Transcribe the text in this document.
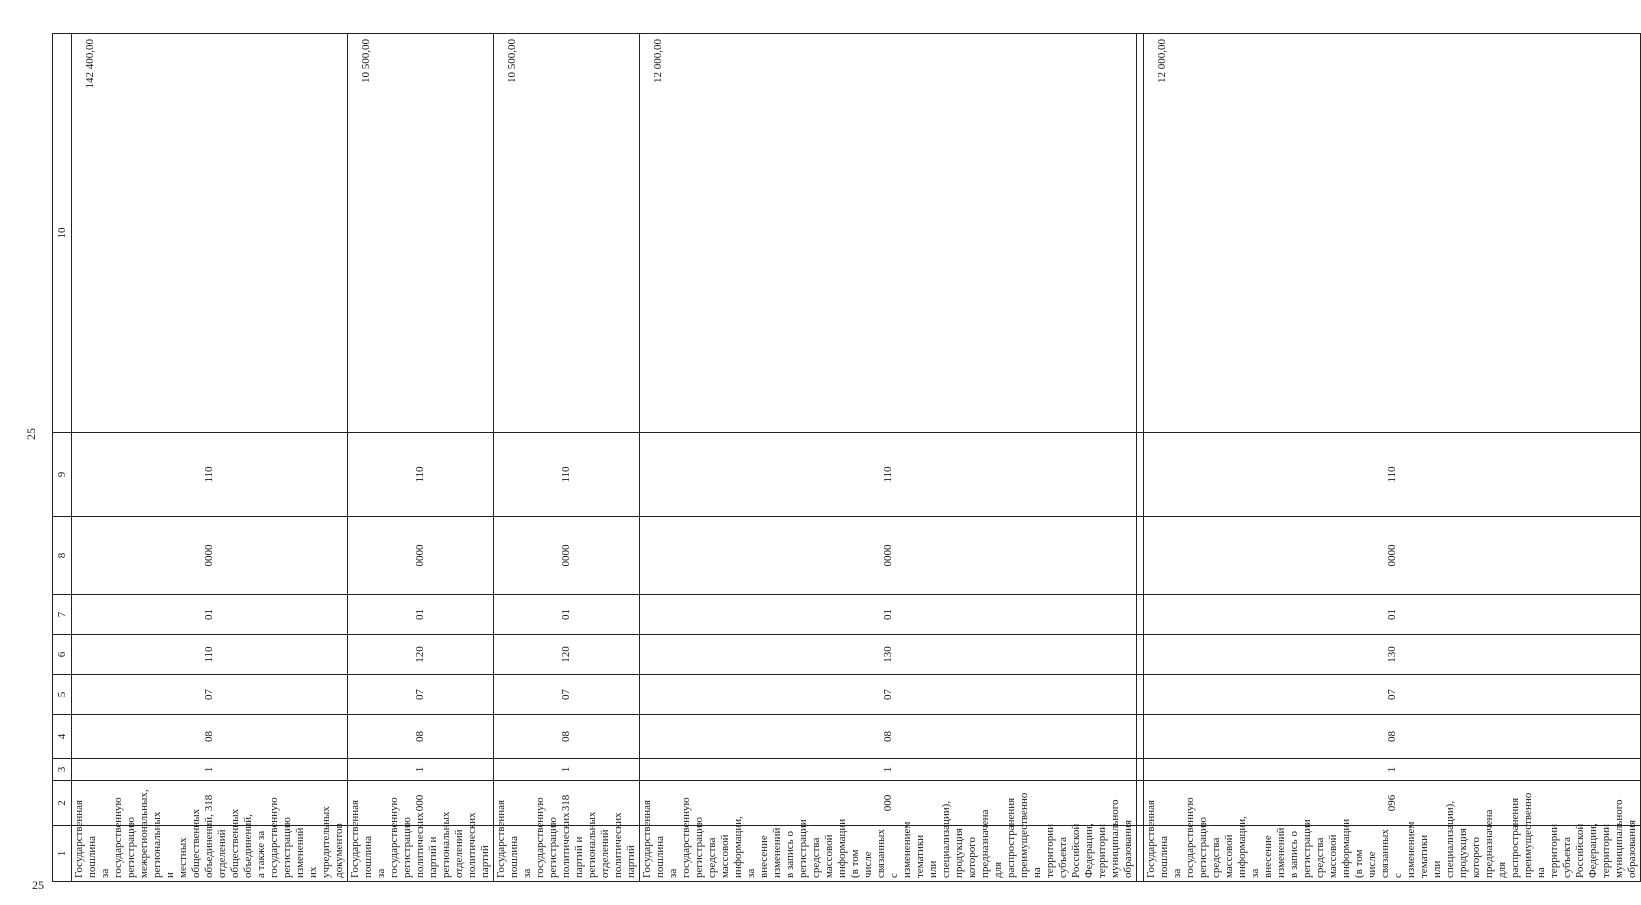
25
1	2	3	4	5	6	7	8	9	10
Государственная пошлина за государственную регистрацию межрегиональных, региональных и местных общественных объединений, отделений общественных объединений, а также за государственную регистрацию изменений их учредительных документов	318	1	08	07	110	01	0000	110	142 400,00
Государственная пошлина за государственную регистрацию политических партий и региональных отделений политических партий	000	1	08	07	120	01	0000	110	10 500,00
Государственная пошлина за государственную регистрацию политических партий и региональных отделений политических партий	318	1	08	07	120	01	0000	110	10 500,00
Государственная пошлина за государственную регистрацию средства массовой информации, за внесение изменений в запись о регистрации средства массовой информации (в том числе связанных с изменением тематики или специализации), продукция которого предназначена для распространения преимущественно на территории субъекта Российской Федерации, территории муниципального образования	000	1	08	07	130	01	0000	110	12 000,00

Государственная пошлина за государственную регистрацию средства массовой информации, за внесение изменений в запись о регистрации средства массовой информации (в том числе связанных с изменением тематики или специализации), продукция которого предназначена для распространения преимущественно на территории субъекта Российской Федерации, территории муниципального образования	096	1	08	07	130	01	0000	110	12 000,00
25
